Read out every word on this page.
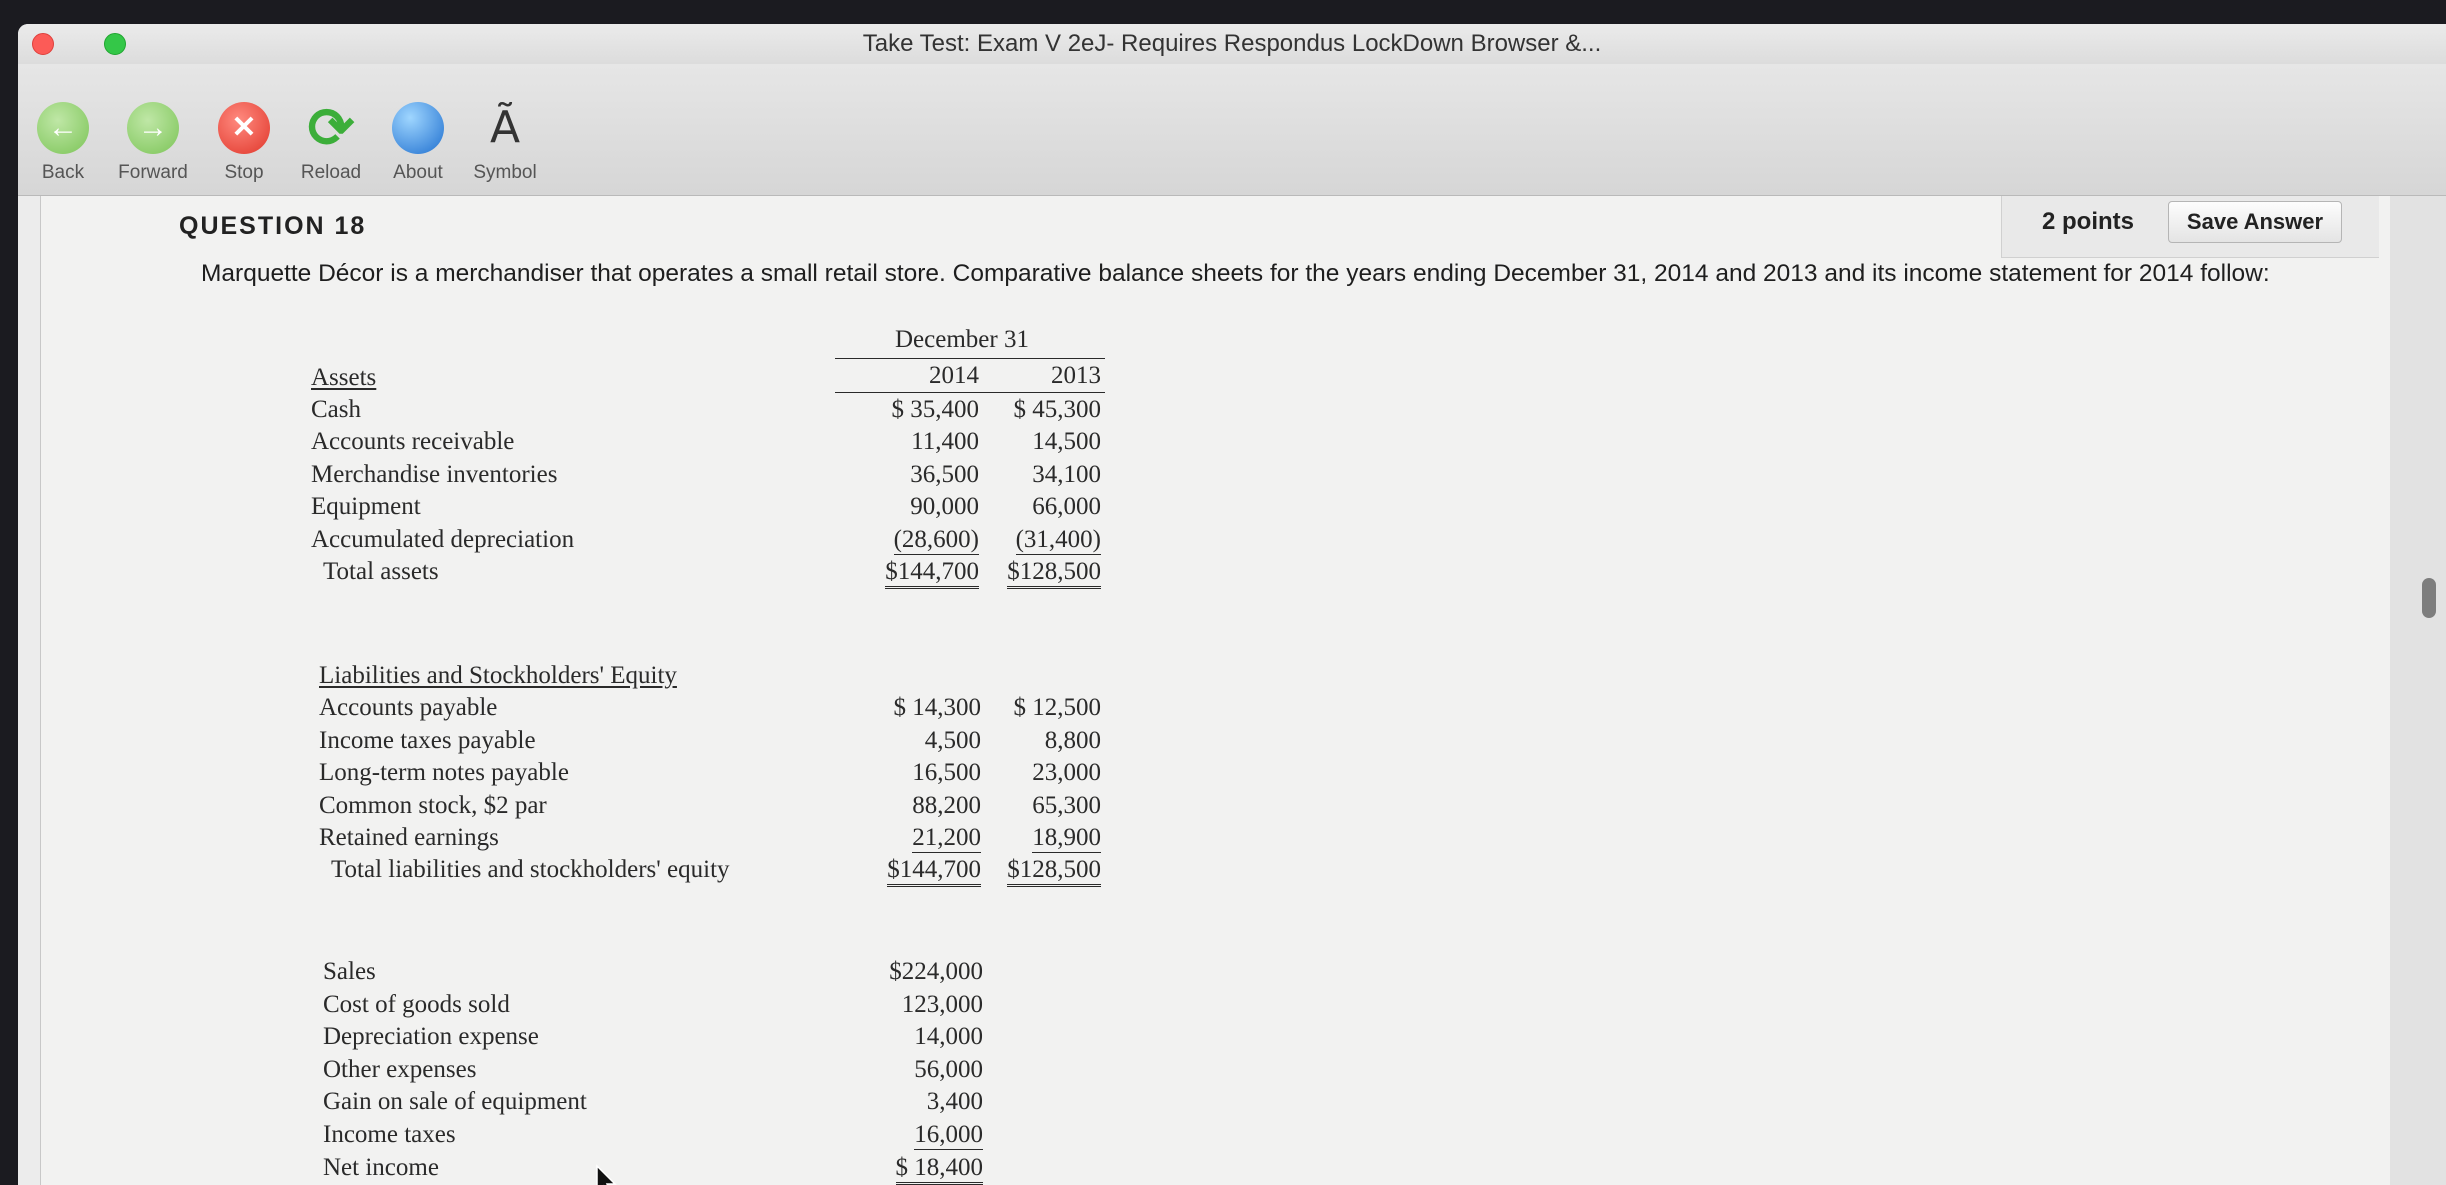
Take Test: Exam V 2eJ- Requires Respondus LockDown Browser &...
←
Back
→
Forward
✕
Stop
⟳
Reload	About
Ã
Symbol
QUESTION 18	2 points	Save Answer
Marquette Décor is a merchandiser that operates a small retail store. Comparative balance sheets for the years ending December 31, 2014 and 2013 and its income statement for 2014 follow:
December 31
2014	2013
Assets
Cash	$ 35,400	$ 45,300
Accounts receivable	11,400	14,500
Merchandise inventories	36,500	34,100
Equipment	90,000	66,000
Accumulated depreciation	(28,600)	(31,400)
Total assets	$144,700	$128,500
Liabilities and Stockholders' Equity
Accounts payable	$ 14,300	$ 12,500
Income taxes payable	4,500	8,800
Long-term notes payable	16,500	23,000
Common stock, $2 par	88,200	65,300
Retained earnings	21,200	18,900
Total liabilities and stockholders' equity	$144,700	$128,500
Sales	$224,000
Cost of goods sold	123,000
Depreciation expense	14,000
Other expenses	56,000
Gain on sale of equipment	3,400
Income taxes	16,000
Net income	$ 18,400
